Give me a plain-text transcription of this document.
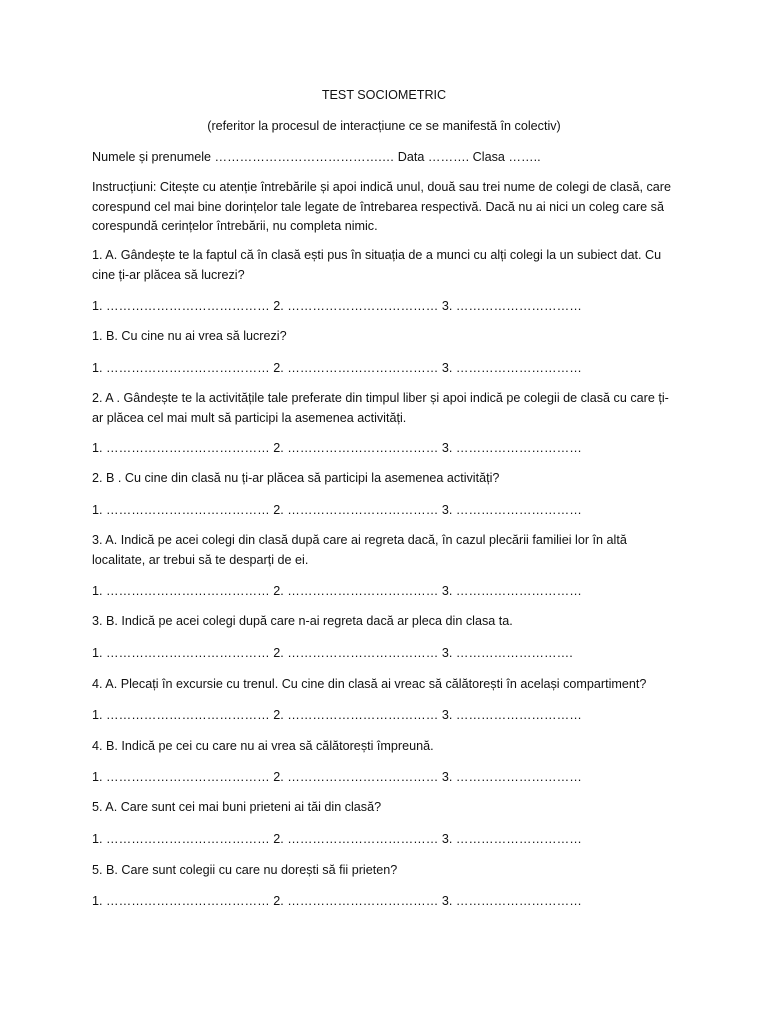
TEST SOCIOMETRIC
(referitor la procesul de interacțiune ce se manifestă în colectiv)
Numele și prenumele ………………………………….… Data ………. Clasa ……..
Instrucțiuni: Citește cu atenție întrebările și apoi indică unul, două sau trei nume de colegi de clasă, care corespund cel mai bine dorințelor tale legate de întrebarea respectivă. Dacă nu ai nici un coleg care să corespundă cerințelor întrebării, nu completa nimic.
1. A. Gândește te la faptul că în clasă ești pus în situația de a munci cu alți colegi la un subiect dat. Cu cine ți-ar plăcea să lucrezi?
1. ………………………………… 2. ……………………………… 3. …………………………
1. B. Cu cine nu ai vrea să lucrezi?
1. ………………………………… 2. ……………………………… 3. …………………………
2. A . Gândește te la activitățile tale preferate din timpul liber și apoi indică pe colegii de clasă cu care ți-ar plăcea cel mai mult să participi la asemenea activități.
1. ………………………………… 2. ……………………………… 3. …………………………
2. B . Cu cine din clasă nu ți-ar plăcea să participi la asemenea activități?
1. ………………………………… 2. ……………………………… 3. …………………………
3. A. Indică pe acei colegi din clasă după care ai regreta dacă, în cazul plecării familiei lor în altă localitate, ar trebui să te desparți de ei.
1. ………………………………… 2. ……………………………… 3. …………………………
3. B. Indică pe acei colegi după care n-ai regreta dacă ar pleca din clasa ta.
1. ………………………………… 2. ……………………………… 3. ……………………….
4. A. Plecați în excursie cu trenul. Cu cine din clasă ai vreac să călătorești în același compartiment?
1. ………………………………… 2. ……………………………… 3. …………………………
4. B. Indică pe cei cu care nu ai vrea să călătorești împreună.
1. ………………………………… 2. ……………………………… 3. …………………………
5. A. Care sunt cei mai buni prieteni ai tăi din clasă?
1. ………………………………… 2. ……………………………… 3. …………………………
5. B. Care sunt colegii cu care nu dorești să fii prieten?
1. ………………………………… 2. ……………………………… 3. …………………………
